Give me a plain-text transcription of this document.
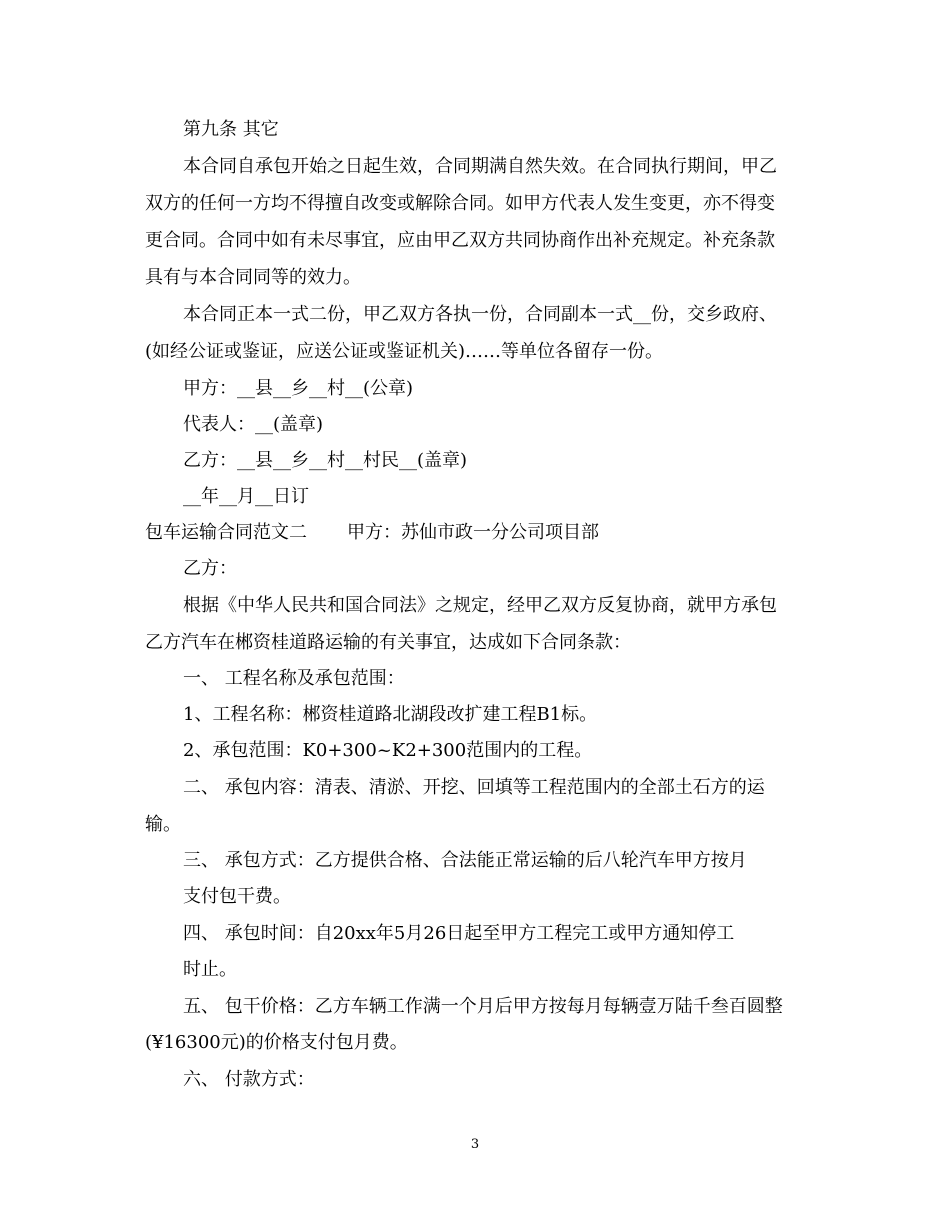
第九条 其它
本合同自承包开始之日起生效，合同期满自然失效。在合同执行期间，甲乙
双方的任何一方均不得擅自改变或解除合同。如甲方代表人发生变更，亦不得变
更合同。合同中如有未尽事宜，应由甲乙双方共同协商作出补充规定。补充条款
具有与本合同同等的效力。
本合同正本一式二份，甲乙双方各执一份，合同副本一式__份，交乡政府、
(如经公证或鉴证，应送公证或鉴证机关)……等单位各留存一份。
甲方：__县__乡__村__(公章)
代表人：__(盖章)
乙方：__县__乡__村__村民__(盖章)
__年__月__日订
包车运输合同范文二 甲方：苏仙市政一分公司项目部
乙方：
根据《中华人民共和国合同法》之规定，经甲乙双方反复协商，就甲方承包
乙方汽车在郴资桂道路运输的有关事宜，达成如下合同条款：
一、 工程名称及承包范围：
1、工程名称：郴资桂道路北湖段改扩建工程B1标。
2、承包范围：K0+300~K2+300范围内的工程。
二、 承包内容：清表、清淤、开挖、回填等工程范围内的全部土石方的运
输。
三、 承包方式：乙方提供合格、合法能正常运输的后八轮汽车甲方按月
支付包干费。
四、 承包时间：自20xx年5月26日起至甲方工程完工或甲方通知停工
时止。
五、 包干价格：乙方车辆工作满一个月后甲方按每月每辆壹万陆千叁百圆整
(¥16300元)的价格支付包月费。
六、 付款方式：
3
